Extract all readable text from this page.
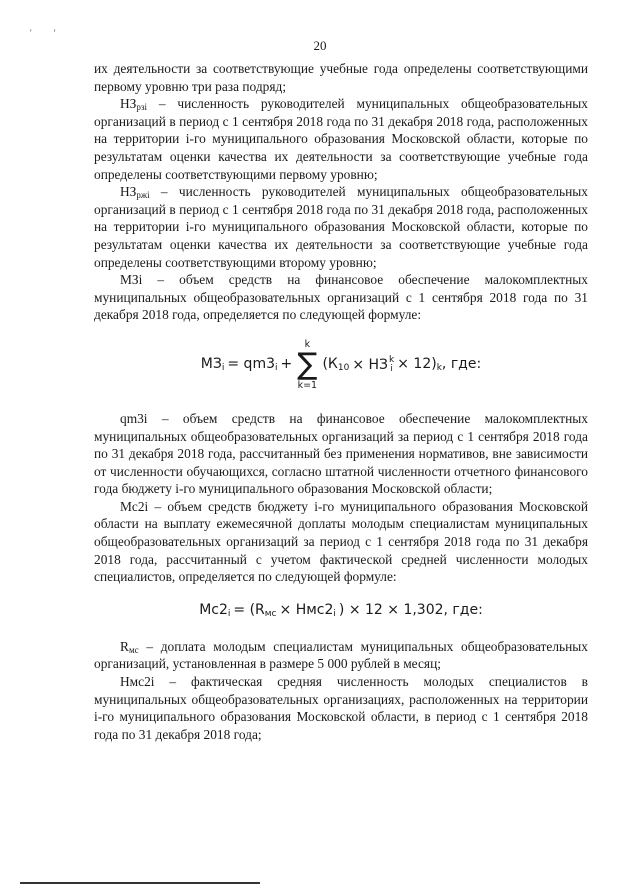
' '
20

их деятельности за соответствующие учебные года определены соответствующими первому уровню три раза подряд;

$НЗ_{рзi}$ – численность руководителей муниципальных общеобразовательных организаций в период с 1 сентября 2018 года по 31 декабря 2018 года, расположенных на территории i-го муниципального образования Московской области, которые по результатам оценки качества их деятельности за соответствующие учебные года определены соответствующими первому уровню;

$НЗ_{ржi}$ – численность руководителей муниципальных общеобразовательных организаций в период с 1 сентября 2018 года по 31 декабря 2018 года, расположенных на территории i-го муниципального образования Московской области, которые по результатам оценки качества их деятельности за соответствующие учебные года определены соответствующими второму уровню;

МЗi – объем средств на финансовое обеспечение малокомплектных муниципальных общеобразовательных организаций с 1 сентября 2018 года по 31 декабря 2018 года, определяется по следующей формуле:

$МЗ_i = qm3_i$ +
k
∑
k=1
($К_{10}$ × НЗ k
$i \times 12)_k$, где:

qm3i – объем средств на финансовое обеспечение малокомплектных муниципальных общеобразовательных организаций за период с 1 сентября 2018 года по 31 декабря 2018 года, рассчитанный без применения нормативов, вне зависимости от численности обучающихся, согласно штатной численности отчетного финансового года бюджету i-го муниципального образования Московской области;

Мс2i – объем средств бюджету i-го муниципального образования Московской области на выплату ежемесячной доплаты молодым специалистам муниципальных общеобразовательных организаций за период с 1 сентября 2018 года по 31 декабря 2018 года, рассчитанный с учетом фактической средней численности молодых специалистов, определяется по следующей формуле:

$Мс2_i = (R_{мс} \times Нмс2_i$ ) × 12 × 1,302, где:

$R_{мс}$ – доплата молодым специалистам муниципальных общеобразовательных организаций, установленная в размере 5 000 рублей в месяц;

Нмс2i – фактическая средняя численность молодых специалистов в муниципальных общеобразовательных организациях, расположенных на территории i-го муниципального образования Московской области, в период с 1 сентября 2018 года по 31 декабря 2018 года;
